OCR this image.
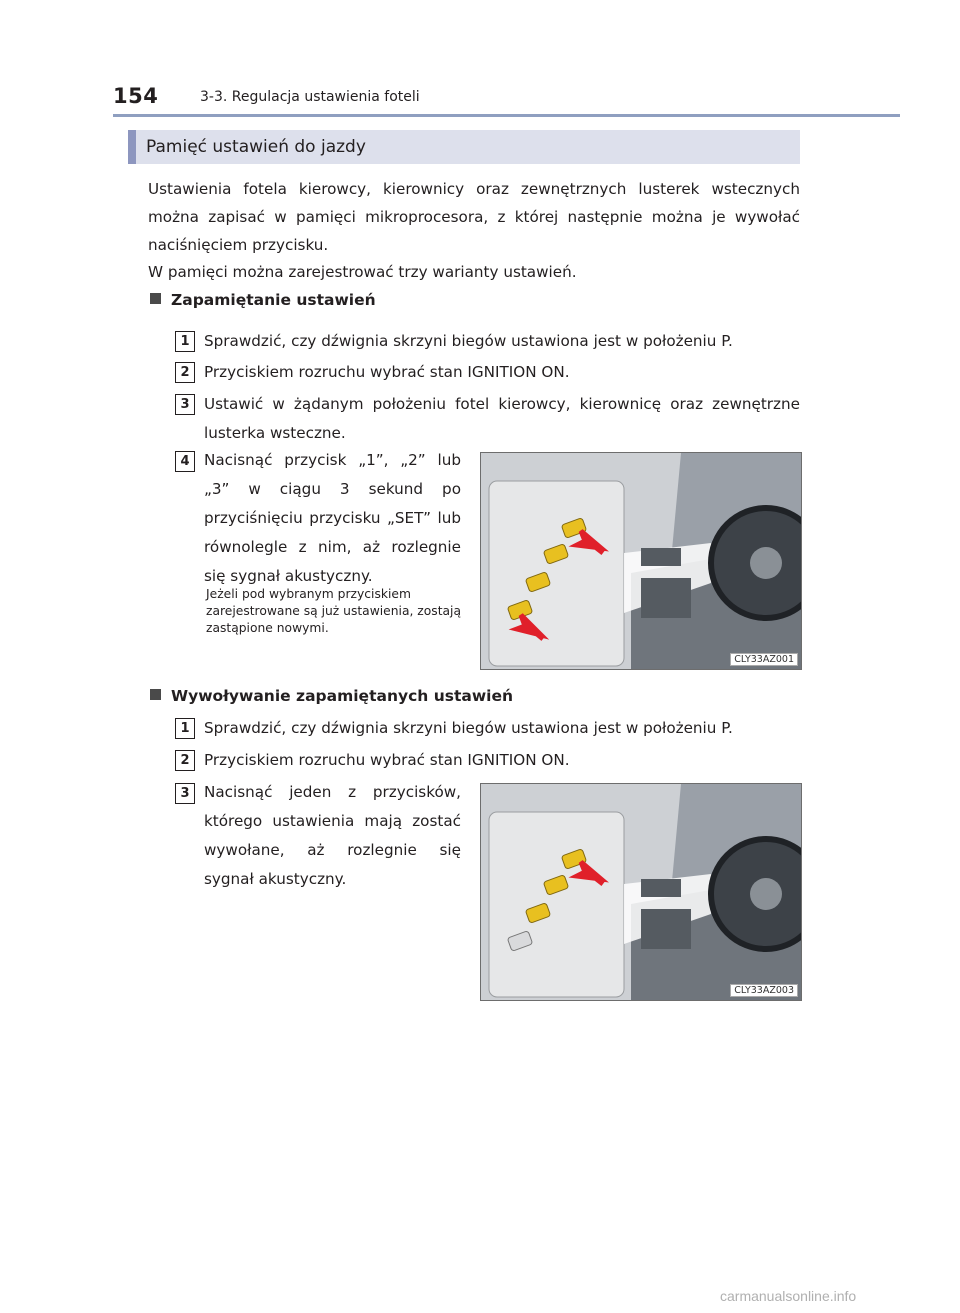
154	3-3. Regulacja ustawienia foteli
Pamięć ustawień do jazdy
Ustawienia fotela kierowcy, kierownicy oraz zewnętrznych lusterek wstecznych można zapisać w pamięci mikroprocesora, z której następnie można je wywołać naciśnięciem przycisku.
W pamięci można zarejestrować trzy warianty ustawień.
Zapamiętanie ustawień
1 Sprawdzić, czy dźwignia skrzyni biegów ustawiona jest w położeniu P.
2 Przyciskiem rozruchu wybrać stan IGNITION ON.
3 Ustawić w żądanym położeniu fotel kierowcy, kierownicę oraz zewnętrzne lusterka wsteczne.
4 Nacisnąć przycisk „1”, „2” lub „3” w ciągu 3 sekund po przyciśnięciu przycisku „SET” lub równolegle z nim, aż rozlegnie się sygnał akustyczny.
Jeżeli pod wybranym przyciskiem zarejestrowane są już ustawienia, zostają zastąpione nowymi.
CLY33AZ001
Wywoływanie zapamiętanych ustawień
1 Sprawdzić, czy dźwignia skrzyni biegów ustawiona jest w położeniu P.
2 Przyciskiem rozruchu wybrać stan IGNITION ON.
3 Nacisnąć jeden z przycisków, którego ustawienia mają zostać wywołane, aż rozlegnie się sygnał akustyczny.
CLY33AZ003
carmanualsonline.info
